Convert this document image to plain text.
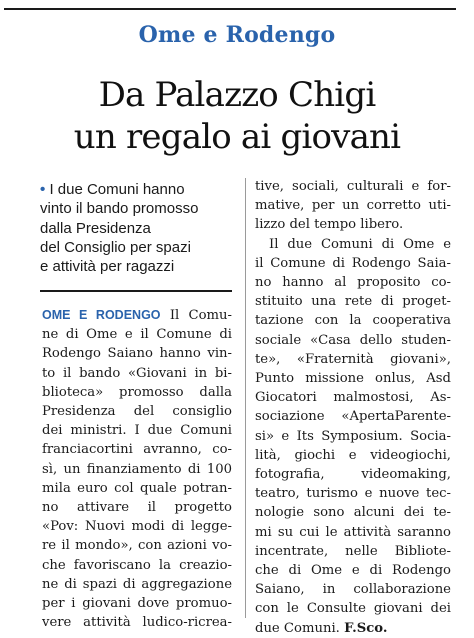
Ome e Rodengo
Da Palazzo Chigi
un regalo ai giovani
• I due Comuni hanno
vinto il bando promosso
dalla Presidenza
del Consiglio per spazi
e attività per ragazzi
OME E RODENGO Il Comu-
ne di Ome e il Comune di
Rodengo Saiano hanno vin-
to il bando «Giovani in bi-
blioteca» promosso dalla
Presidenza del consiglio
dei ministri. I due Comuni
franciacortini avranno, co-
sì, un finanziamento di 100
mila euro col quale potran-
no attivare il progetto
«Pov: Nuovi modi di legge-
re il mondo», con azioni vo-
che favoriscano la creazio-
ne di spazi di aggregazione
per i giovani dove promuo-
vere attività ludico-ricrea-
tive, sociali, culturali e for-
mative, per un corretto uti-
lizzo del tempo libero.
Il due Comuni di Ome e
il Comune di Rodengo Saia-
no hanno al proposito co-
stituito una rete di proget-
tazione con la cooperativa
sociale «Casa dello studen-
te», «Fraternità giovani»,
Punto missione onlus, Asd
Giocatori malmostosi, As-
sociazione «ApertaParente-
si» e Its Symposium. Socia-
lità, giochi e videogiochi,
fotografia, videomaking,
teatro, turismo e nuove tec-
nologie sono alcuni dei te-
mi su cui le attività saranno
incentrate, nelle Bibliote-
che di Ome e di Rodengo
Saiano, in collaborazione
con le Consulte giovani dei
due Comuni. F.Sco.
